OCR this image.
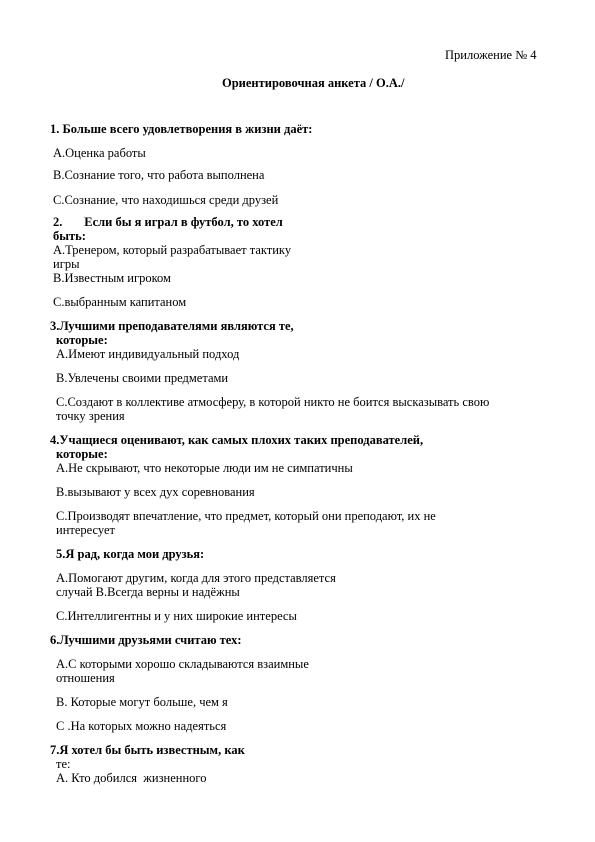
Приложение № 4
Ориентировочная анкета / О.А./
1. Больше всего удовлетворения в жизни даёт:
А.Оценка работы
В.Сознание того, что работа выполнена
С.Сознание, что находишься среди друзей
2.       Если бы я играл в футбол, то хотел
быть:
А.Тренером, который разрабатывает тактику
игры
В.Известным игроком
С.выбранным капитаном
3.Лучшими преподавателями являются те,
которые:
А.Имеют индивидуальный подход
В.Увлечены своими предметами
С.Создают в коллективе атмосферу, в которой никто не боится высказывать свою
точку зрения
4.Учащиеся оценивают, как самых плохих таких преподавателей,
которые:
А.Не скрывают, что некоторые люди им не симпатичны
В.вызывают у всех дух соревнования
С.Производят впечатление, что предмет, который они преподают, их не
интересует
5.Я рад, когда мои друзья:
А.Помогают другим, когда для этого представляется
случай В.Всегда верны и надёжны
С.Интеллигентны и у них широкие интересы
6.Лучшими друзьями считаю тех:
А.С которыми хорошо складываются взаимные
отношения
В. Которые могут больше, чем я
С .На которых можно надеяться
7.Я хотел бы быть известным, как
те:
А. Кто добился  жизненного
